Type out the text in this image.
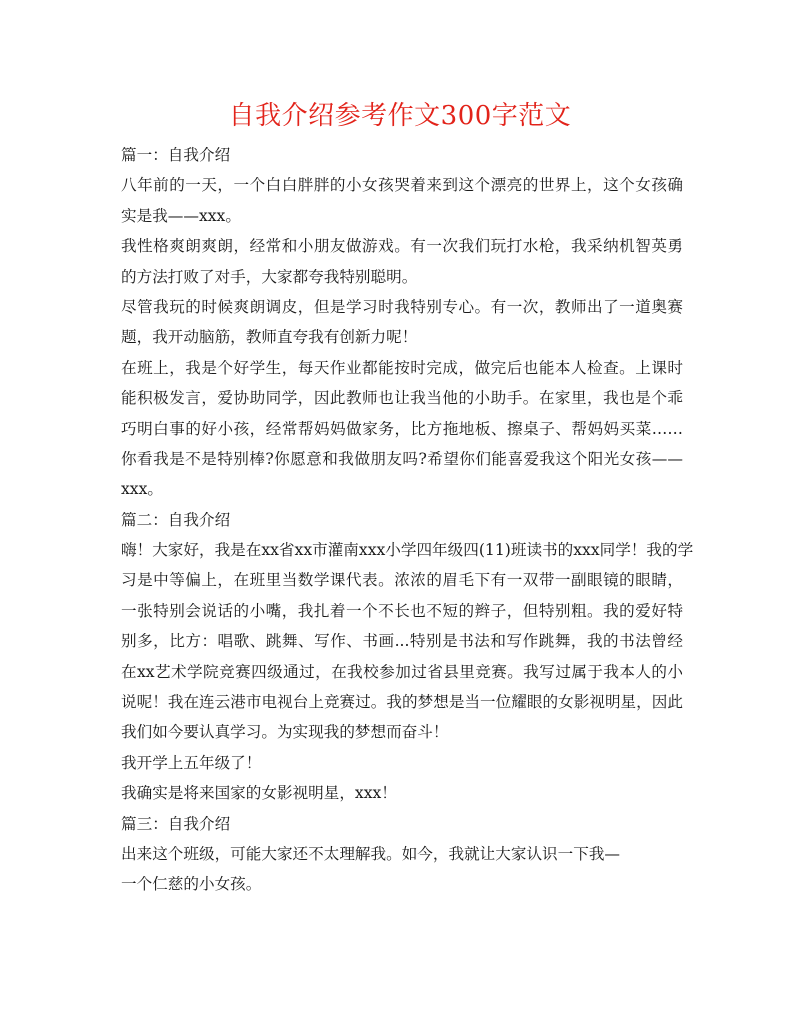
自我介绍参考作文300字范文
篇一：自我介绍
八年前的一天，一个白白胖胖的小女孩哭着来到这个漂亮的世界上，这个女孩确
实是我——xxx。
我性格爽朗爽朗，经常和小朋友做游戏。有一次我们玩打水枪，我采纳机智英勇
的方法打败了对手，大家都夸我特别聪明。
尽管我玩的时候爽朗调皮，但是学习时我特别专心。有一次，教师出了一道奥赛
题，我开动脑筋，教师直夸我有创新力呢！
在班上，我是个好学生，每天作业都能按时完成，做完后也能本人检查。上课时
能积极发言，爱协助同学，因此教师也让我当他的小助手。在家里，我也是个乖
巧明白事的好小孩，经常帮妈妈做家务，比方拖地板、擦桌子、帮妈妈买菜……
你看我是不是特别棒?你愿意和我做朋友吗?希望你们能喜爱我这个阳光女孩——
xxx。
篇二：自我介绍
嗨！大家好，我是在xx省xx市灌南xxx小学四年级四(11)班读书的xxx同学！我的学
习是中等偏上，在班里当数学课代表。浓浓的眉毛下有一双带一副眼镜的眼睛，
一张特别会说话的小嘴，我扎着一个不长也不短的辫子，但特别粗。我的爱好特
别多，比方：唱歌、跳舞、写作、书画...特别是书法和写作跳舞，我的书法曾经
在xx艺术学院竞赛四级通过，在我校参加过省县里竞赛。我写过属于我本人的小
说呢！我在连云港市电视台上竞赛过。我的梦想是当一位耀眼的女影视明星，因此
我们如今要认真学习。为实现我的梦想而奋斗！
我开学上五年级了！
我确实是将来国家的女影视明星，xxx！
篇三：自我介绍
出来这个班级，可能大家还不太理解我。如今，我就让大家认识一下我—
一个仁慈的小女孩。
